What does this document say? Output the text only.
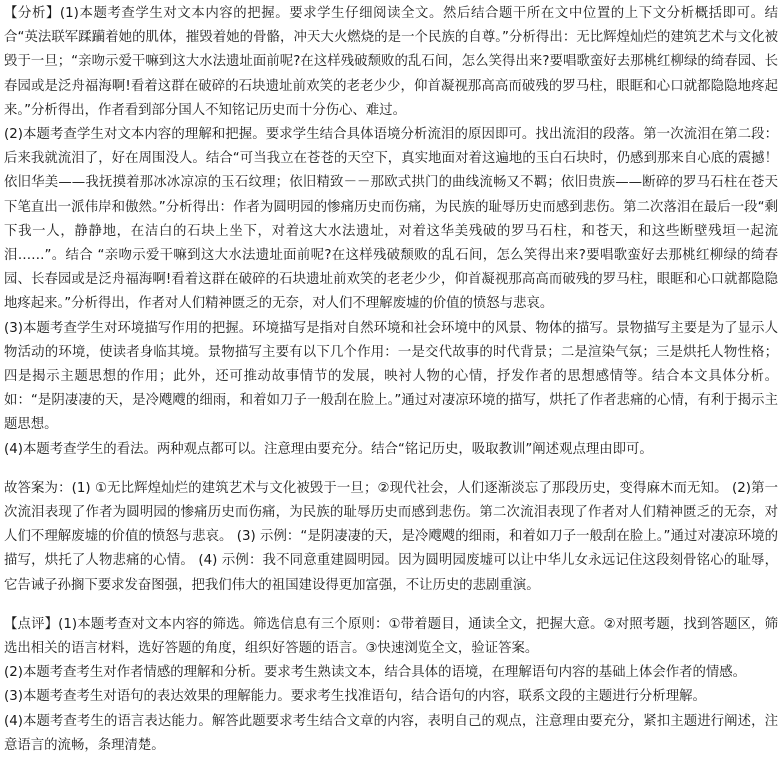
【分析】(1)本题考查学生对文本内容的把握。要求学生仔细阅读全文。然后结合题干所在文中位置的上下文分析概括即可。结合“英法联军蹂躏着她的肌体，摧毁着她的骨骼，冲天大火燃烧的是一个民族的自尊。”分析得出：无比辉煌灿烂的建筑艺术与文化被毁于一旦；“亲吻示爱干嘛到这大水法遗址面前呢?在这样残破颓败的乱石间，怎么笑得出来?要唱歌蛮好去那桃红柳绿的绮春园、长春园或是泛舟福海啊!看着这群在破碎的石块遗址前欢笑的老老少少，仰首凝视那高高而破残的罗马柱，眼眶和心口就都隐隐地疼起来。”分析得出，作者看到部分国人不知铭记历史而十分伤心、难过。

(2)本题考查学生对文本内容的理解和把握。要求学生结合具体语境分析流泪的原因即可。找出流泪的段落。第一次流泪在第二段：后来我就流泪了，好在周围没人。结合“可当我立在苍苍的天空下，真实地面对着这遍地的玉白石块时，仍感到那来自心底的震撼！依旧华美——我抚摸着那冰冰凉凉的玉石纹理；依旧精致－－那欧式拱门的曲线流畅又不羁；依旧贵族——断碎的罗马石柱在苍天下笔直出一派伟岸和傲然。”分析得出：作者为圆明园的惨痛历史而伤痛，为民族的耻辱历史而感到悲伤。第二次落泪在最后一段“剩下我一人，静静地，在洁白的石块上坐下，对着这大水法遗址，对着这华美残破的罗马石柱，和苍天，和这些断壁残垣一起流泪……”。结合 “亲吻示爱干嘛到这大水法遗址面前呢?在这样残破颓败的乱石间，怎么笑得出来?要唱歌蛮好去那桃红柳绿的绮春园、长春园或是泛舟福海啊!看着这群在破碎的石块遗址前欢笑的老老少少，仰首凝视那高高而破残的罗马柱，眼眶和心口就都隐隐地疼起来。”分析得出，作者对人们精神匮乏的无奈，对人们不理解废墟的价值的愤怒与悲哀。

(3)本题考查学生对环境描写作用的把握。环境描写是指对自然环境和社会环境中的风景、物体的描写。景物描写主要是为了显示人物活动的环境，使读者身临其境。景物描写主要有以下几个作用：一是交代故事的时代背景；二是渲染气氛；三是烘托人物性格；四是揭示主题思想的作用；此外，还可推动故事情节的发展，映衬人物的心情，抒发作者的思想感情等。结合本文具体分析。如：“是阴凄凄的天，是冷飕飕的细雨，和着如刀子一般刮在脸上。”通过对凄凉环境的描写，烘托了作者悲痛的心情，有利于揭示主题思想。

(4)本题考查学生的看法。两种观点都可以。注意理由要充分。结合“铭记历史，吸取教训”阐述观点理由即可。

故答案为：(1) ①无比辉煌灿烂的建筑艺术与文化被毁于一旦；②现代社会，人们逐渐淡忘了那段历史，变得麻木而无知。 (2)第一次流泪表现了作者为圆明园的惨痛历史而伤痛，为民族的耻辱历史而感到悲伤。第二次流泪表现了作者对人们精神匮乏的无奈，对人们不理解废墟的价值的愤怒与悲哀。 (3) 示例：“是阴凄凄的天，是冷飕飕的细雨，和着如刀子一般刮在脸上。”通过对凄凉环境的描写，烘托了人物悲痛的心情。 (4) 示例：我不同意重建圆明园。因为圆明园废墟可以让中华儿女永远记住这段刻骨铭心的耻辱，它告诫子孙搁下要求发奋图强，把我们伟大的祖国建设得更加富强，不让历史的悲剧重演。

【点评】(1)本题考查对文本内容的筛选。筛选信息有三个原则：①带着题目，通读全文，把握大意。②对照考题，找到答题区，筛选出相关的语言材料，选好答题的角度，组织好答题的语言。③快速浏览全文，验证答案。

(2)本题考查考生对作者情感的理解和分析。要求考生熟读文本，结合具体的语境，在理解语句内容的基础上体会作者的情感。

(3)本题考查考生对语句的表达效果的理解能力。要求考生找准语句，结合语句的内容，联系文段的主题进行分析理解。

(4)本题考查考生的语言表达能力。解答此题要求考生结合文章的内容，表明自己的观点，注意理由要充分，紧扣主题进行阐述，注意语言的流畅，条理清楚。
